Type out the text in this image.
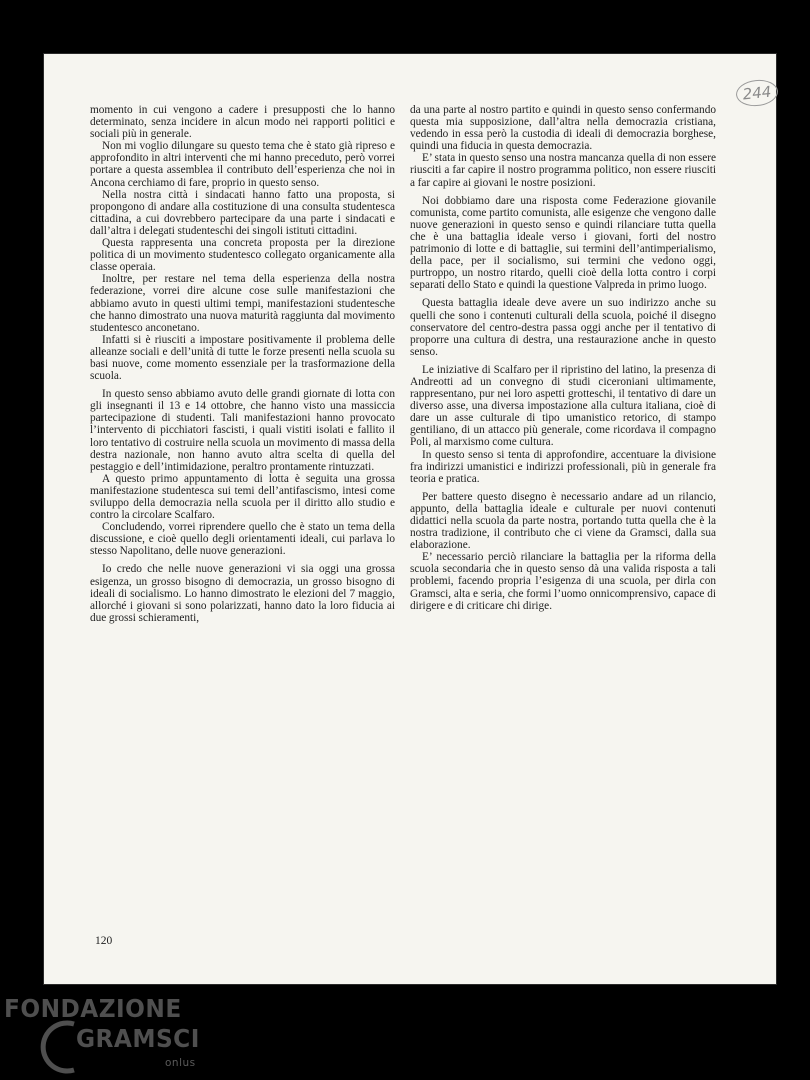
244

momento in cui vengono a cadere i presupposti che lo hanno determinato, senza incidere in alcun modo nei rapporti politici e sociali più in generale.

Non mi voglio dilungare su questo tema che è stato già ripreso e approfondito in altri interventi che mi hanno preceduto, però vorrei portare a questa assemblea il contributo dell’esperienza che noi in Ancona cerchiamo di fare, proprio in questo senso.

Nella nostra città i sindacati hanno fatto una proposta, si propongono di andare alla costituzione di una consulta studentesca cittadina, a cui dovrebbero partecipare da una parte i sindacati e dall’altra i delegati studenteschi dei singoli istituti cittadini.

Questa rappresenta una concreta proposta per la direzione politica di un movimento studentesco collegato organicamente alla classe operaia.

Inoltre, per restare nel tema della esperienza della nostra federazione, vorrei dire alcune cose sulle manifestazioni che abbiamo avuto in questi ultimi tempi, manifestazioni studentesche che hanno dimostrato una nuova maturità raggiunta dal movimento studentesco anconetano.

Infatti si è riusciti a impostare positivamente il problema delle alleanze sociali e dell’unità di tutte le forze presenti nella scuola su basi nuove, come momento essenziale per la trasformazione della scuola.

In questo senso abbiamo avuto delle grandi giornate di lotta con gli insegnanti il 13 e 14 ottobre, che hanno visto una massiccia partecipazione di studenti. Tali manifestazioni hanno provocato l’intervento di picchiatori fascisti, i quali vistiti isolati e fallito il loro tentativo di costruire nella scuola un movimento di massa della destra nazionale, non hanno avuto altra scelta di quella del pestaggio e dell’intimidazione, peraltro prontamente rintuzzati.

A questo primo appuntamento di lotta è seguita una grossa manifestazione studentesca sui temi dell’antifascismo, intesi come sviluppo della democrazia nella scuola per il diritto allo studio e contro la circolare Scalfaro.

Concludendo, vorrei riprendere quello che è stato un tema della discussione, e cioè quello degli orientamenti ideali, cui parlava lo stesso Napolitano, delle nuove generazioni.

Io credo che nelle nuove generazioni vi sia oggi una grossa esigenza, un grosso bisogno di democrazia, un grosso bisogno di ideali di socialismo. Lo hanno dimostrato le elezioni del 7 maggio, allorché i giovani si sono polarizzati, hanno dato la loro fiducia ai due grossi schieramenti,

da una parte al nostro partito e quindi in questo senso confermando questa mia supposizione, dall’altra nella democrazia cristiana, vedendo in essa però la custodia di ideali di democrazia borghese, quindi una fiducia in questa democrazia.

E’ stata in questo senso una nostra mancanza quella di non essere riusciti a far capire il nostro programma politico, non essere riusciti a far capire ai giovani le nostre posizioni.

Noi dobbiamo dare una risposta come Federazione giovanile comunista, come partito comunista, alle esigenze che vengono dalle nuove generazioni in questo senso e quindi rilanciare tutta quella che è una battaglia ideale verso i giovani, forti del nostro patrimonio di lotte e di battaglie, sui termini dell’antimperialismo, della pace, per il socialismo, sui termini che vedono oggi, purtroppo, un nostro ritardo, quelli cioè della lotta contro i corpi separati dello Stato e quindi la questione Valpreda in primo luogo.

Questa battaglia ideale deve avere un suo indirizzo anche su quelli che sono i contenuti culturali della scuola, poiché il disegno conservatore del centro-destra passa oggi anche per il tentativo di proporre una cultura di destra, una restaurazione anche in questo senso.

Le iniziative di Scalfaro per il ripristino del latino, la presenza di Andreotti ad un convegno di studi ciceroniani ultimamente, rappresentano, pur nei loro aspetti grotteschi, il tentativo di dare un diverso asse, una diversa impostazione alla cultura italiana, cioè di dare un asse culturale di tipo umanistico retorico, di stampo gentiliano, di un attacco più generale, come ricordava il compagno Poli, al marxismo come cultura.

In questo senso si tenta di approfondire, accentuare la divisione fra indirizzi umanistici e indirizzi professionali, più in generale fra teoria e pratica.

Per battere questo disegno è necessario andare ad un rilancio, appunto, della battaglia ideale e culturale per nuovi contenuti didattici nella scuola da parte nostra, portando tutta quella che è la nostra tradizione, il contributo che ci viene da Gramsci, dalla sua elaborazione.

E’ necessario perciò rilanciare la battaglia per la riforma della scuola secondaria che in questo senso dà una valida risposta a tali problemi, facendo propria l’esigenza di una scuola, per dirla con Gramsci, alta e seria, che formi l’uomo onnicomprensivo, capace di dirigere e di criticare chi dirige.

120
FONDAZIONE
GRAMSCI
onlus
